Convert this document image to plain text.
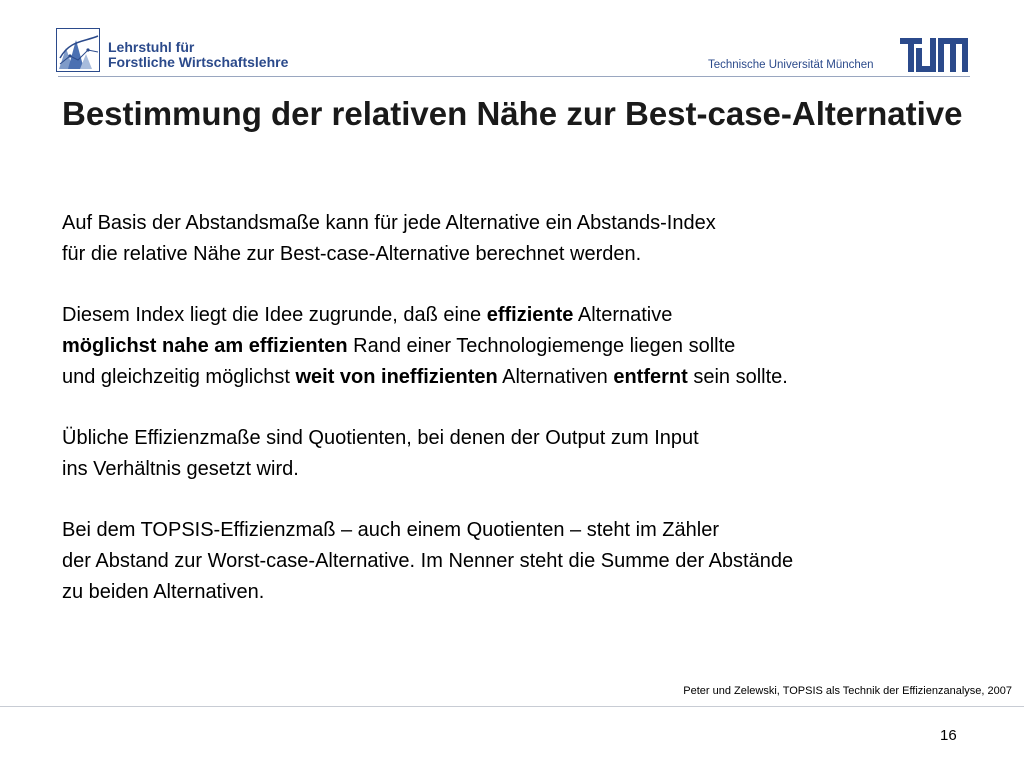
Lehrstuhl für
Forstliche Wirtschaftslehre	Technische Universität München
Bestimmung der relativen Nähe zur Best-case-Alternative

Auf Basis der Abstandsmaße kann für jede Alternative ein Abstands-Index
für die relative Nähe zur Best-case-Alternative berechnet werden.

Diesem Index liegt die Idee zugrunde, daß eine effiziente Alternative
möglichst nahe am effizienten Rand einer Technologiemenge liegen sollte
und gleichzeitig möglichst weit von ineffizienten Alternativen entfernt sein sollte.

Übliche Effizienzmaße sind Quotienten, bei denen der Output zum Input
ins Verhältnis gesetzt wird.

Bei dem TOPSIS-Effizienzmaß – auch einem Quotienten – steht im Zähler
der Abstand zur Worst-case-Alternative. Im Nenner steht die Summe der Abstände
zu beiden Alternativen.

Peter und Zelewski, TOPSIS als Technik der Effizienzanalyse, 2007
16
